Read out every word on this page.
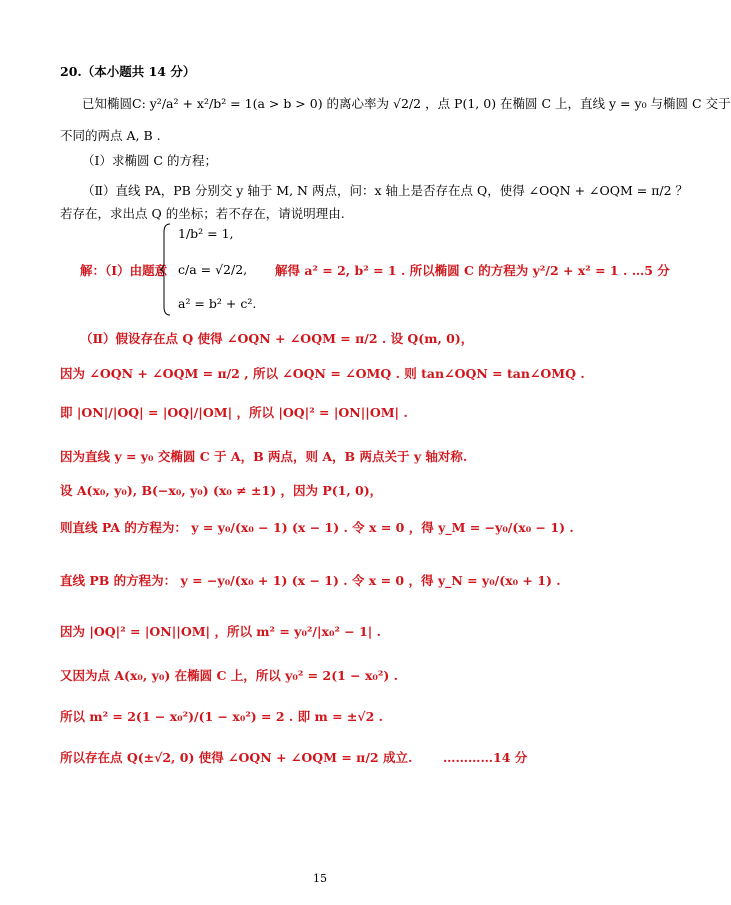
20.（本小题共 14 分）
已知椭圆C: y²/a² + x²/b² = 1(a > b > 0) 的离心率为 √2/2 ，点 P(1, 0) 在椭圆 C 上，直线 y = y₀ 与椭圆 C 交于
不同的两点 A, B .
（Ⅰ）求椭圆 C 的方程；
（Ⅱ）直线 PA，PB 分别交 y 轴于 M, N 两点，问：x 轴上是否存在点 Q，使得 ∠OQN + ∠OQM = π/2 ？
若存在，求出点 Q 的坐标；若不存在，请说明理由.
解：（Ⅰ）由题意
1/b² = 1,
c/a = √2/2,
a² = b² + c².
解得 a² = 2, b² = 1 . 所以椭圆 C 的方程为 y²/2 + x² = 1 . …5 分
（Ⅱ）假设存在点 Q 使得 ∠OQN + ∠OQM = π/2 . 设 Q(m, 0)，
因为 ∠OQN + ∠OQM = π/2 , 所以 ∠OQN = ∠OMQ . 则 tan∠OQN = tan∠OMQ .
即 |ON|/|OQ| = |OQ|/|OM| ，所以 |OQ|² = |ON||OM| .
因为直线 y = y₀ 交椭圆 C 于 A，B 两点，则 A，B 两点关于 y 轴对称.
设 A(x₀, y₀), B(−x₀, y₀) (x₀ ≠ ±1) ，因为 P(1, 0)，
则直线 PA 的方程为： y = y₀/(x₀ − 1) (x − 1) . 令 x = 0 ，得 y_M = −y₀/(x₀ − 1) .
直线 PB 的方程为： y = −y₀/(x₀ + 1) (x − 1) . 令 x = 0 ，得 y_N = y₀/(x₀ + 1) .
因为 |OQ|² = |ON||OM| ，所以 m² = y₀²/|x₀² − 1| .
又因为点 A(x₀, y₀) 在椭圆 C 上，所以 y₀² = 2(1 − x₀²) .
所以 m² = 2(1 − x₀²)/(1 − x₀²) = 2 . 即 m = ±√2 .
所以存在点 Q(±√2, 0) 使得 ∠OQN + ∠OQM = π/2 成立. …………14 分
15
